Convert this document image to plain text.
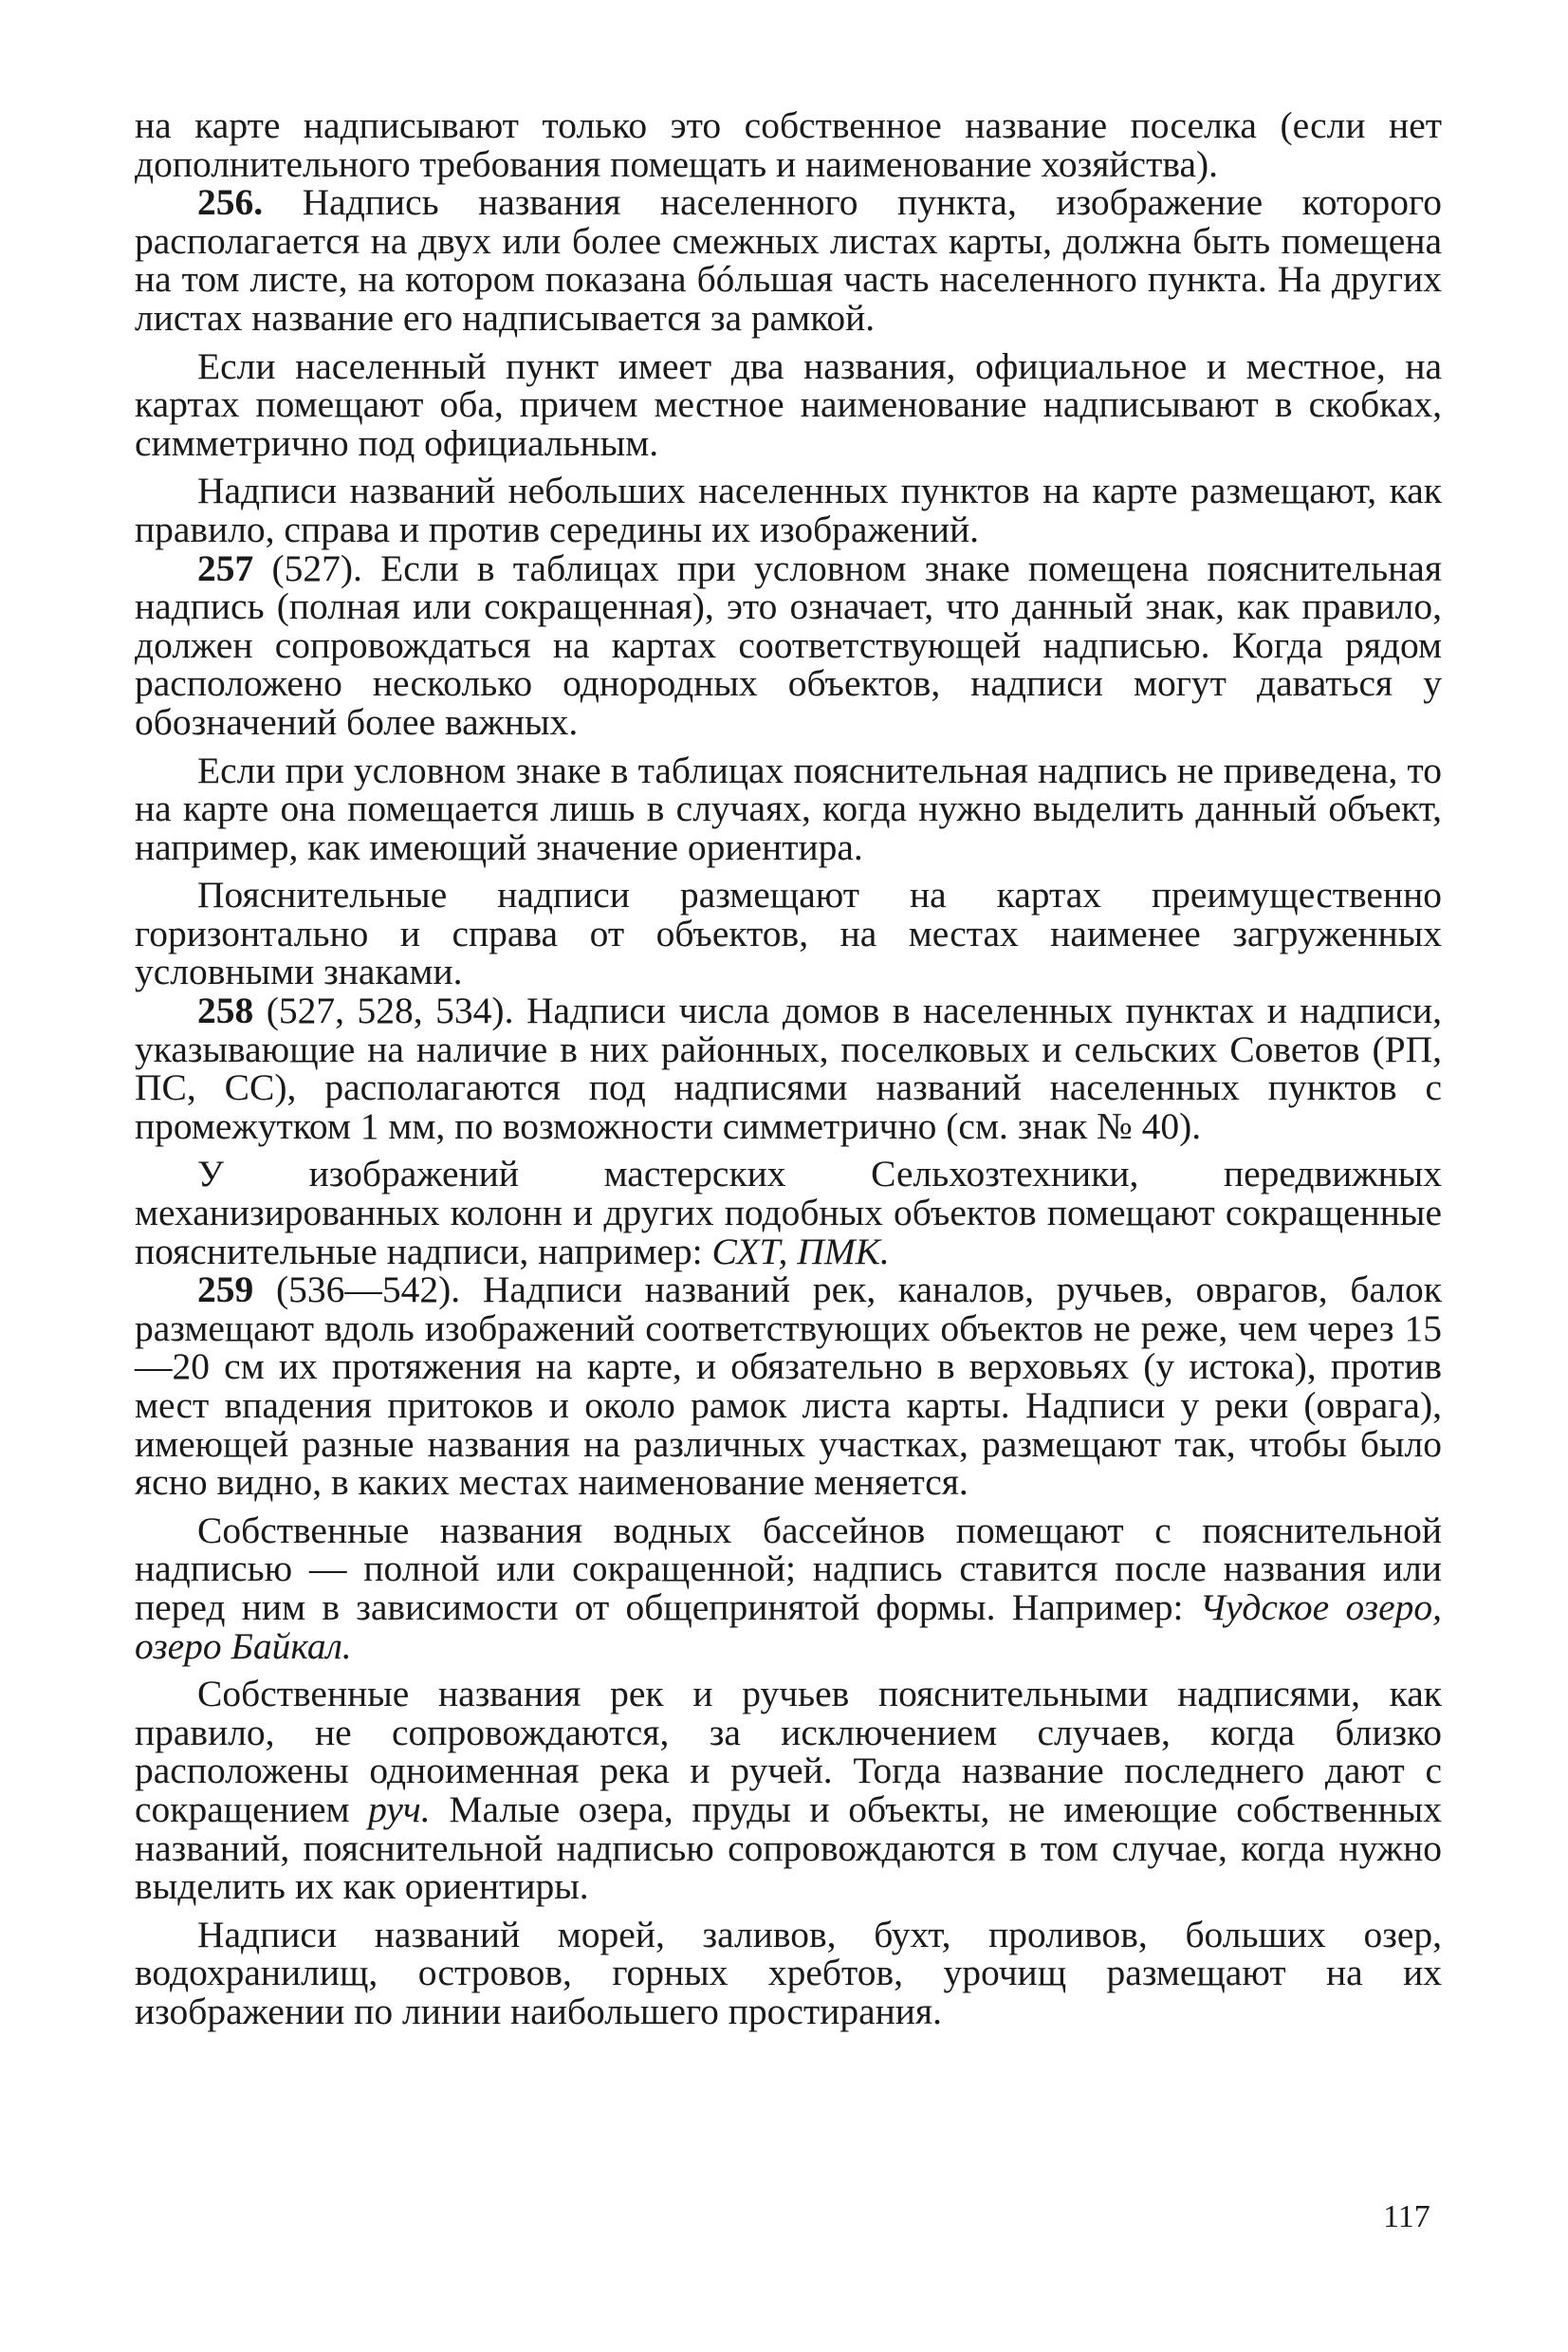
на карте надписывают только это собственное название поселка (если нет дополнительного требования помещать и наименование хозяйства).

256. Надпись названия населенного пункта, изображение которого располагается на двух или более смежных листах карты, должна быть помещена на том листе, на котором показана бóльшая часть населенного пункта. На других листах название его надписывается за рамкой.

Если населенный пункт имеет два названия, официальное и местное, на картах помещают оба, причем местное наименование надписывают в скобках, симметрично под официальным.

Надписи названий небольших населенных пунктов на карте размещают, как правило, справа и против середины их изображений.

257 (527). Если в таблицах при условном знаке помещена пояснительная надпись (полная или сокращенная), это означает, что данный знак, как правило, должен сопровождаться на картах соответствующей надписью. Когда рядом расположено несколько однородных объектов, надписи могут даваться у обозначений более важных.

Если при условном знаке в таблицах пояснительная надпись не приведена, то на карте она помещается лишь в случаях, когда нужно выделить данный объект, например, как имеющий значение ориентира.

Пояснительные надписи размещают на картах преимущественно горизонтально и справа от объектов, на местах наименее загруженных условными знаками.

258 (527, 528, 534). Надписи числа домов в населенных пунктах и надписи, указывающие на наличие в них районных, поселковых и сельских Советов (РП, ПС, СС), располагаются под надписями названий населенных пунктов с промежутком 1 мм, по возможности симметрично (см. знак № 40).

У изображений мастерских Сельхозтехники, передвижных механизированных колонн и других подобных объектов помещают сокращенные пояснительные надписи, например: СХТ, ПМК.

259 (536—542). Надписи названий рек, каналов, ручьев, оврагов, балок размещают вдоль изображений соответствующих объектов не реже, чем через 15—20 см их протяжения на карте, и обязательно в верховьях (у истока), против мест впадения притоков и около рамок листа карты. Надписи у реки (оврага), имеющей разные названия на различных участках, размещают так, чтобы было ясно видно, в каких местах наименование меняется.

Собственные названия водных бассейнов помещают с пояснительной надписью — полной или сокращенной; надпись ставится после названия или перед ним в зависимости от общепринятой формы. Например: Чудское озеро, озеро Байкал.

Собственные названия рек и ручьев пояснительными надписями, как правило, не сопровождаются, за исключением случаев, когда близко расположены одноименная река и ручей. Тогда название последнего дают с сокращением руч. Малые озера, пруды и объекты, не имеющие собственных названий, пояснительной надписью сопровождаются в том случае, когда нужно выделить их как ориентиры.

Надписи названий морей, заливов, бухт, проливов, больших озер, водохранилищ, островов, горных хребтов, урочищ размещают на их изображении по линии наибольшего простирания.

117
